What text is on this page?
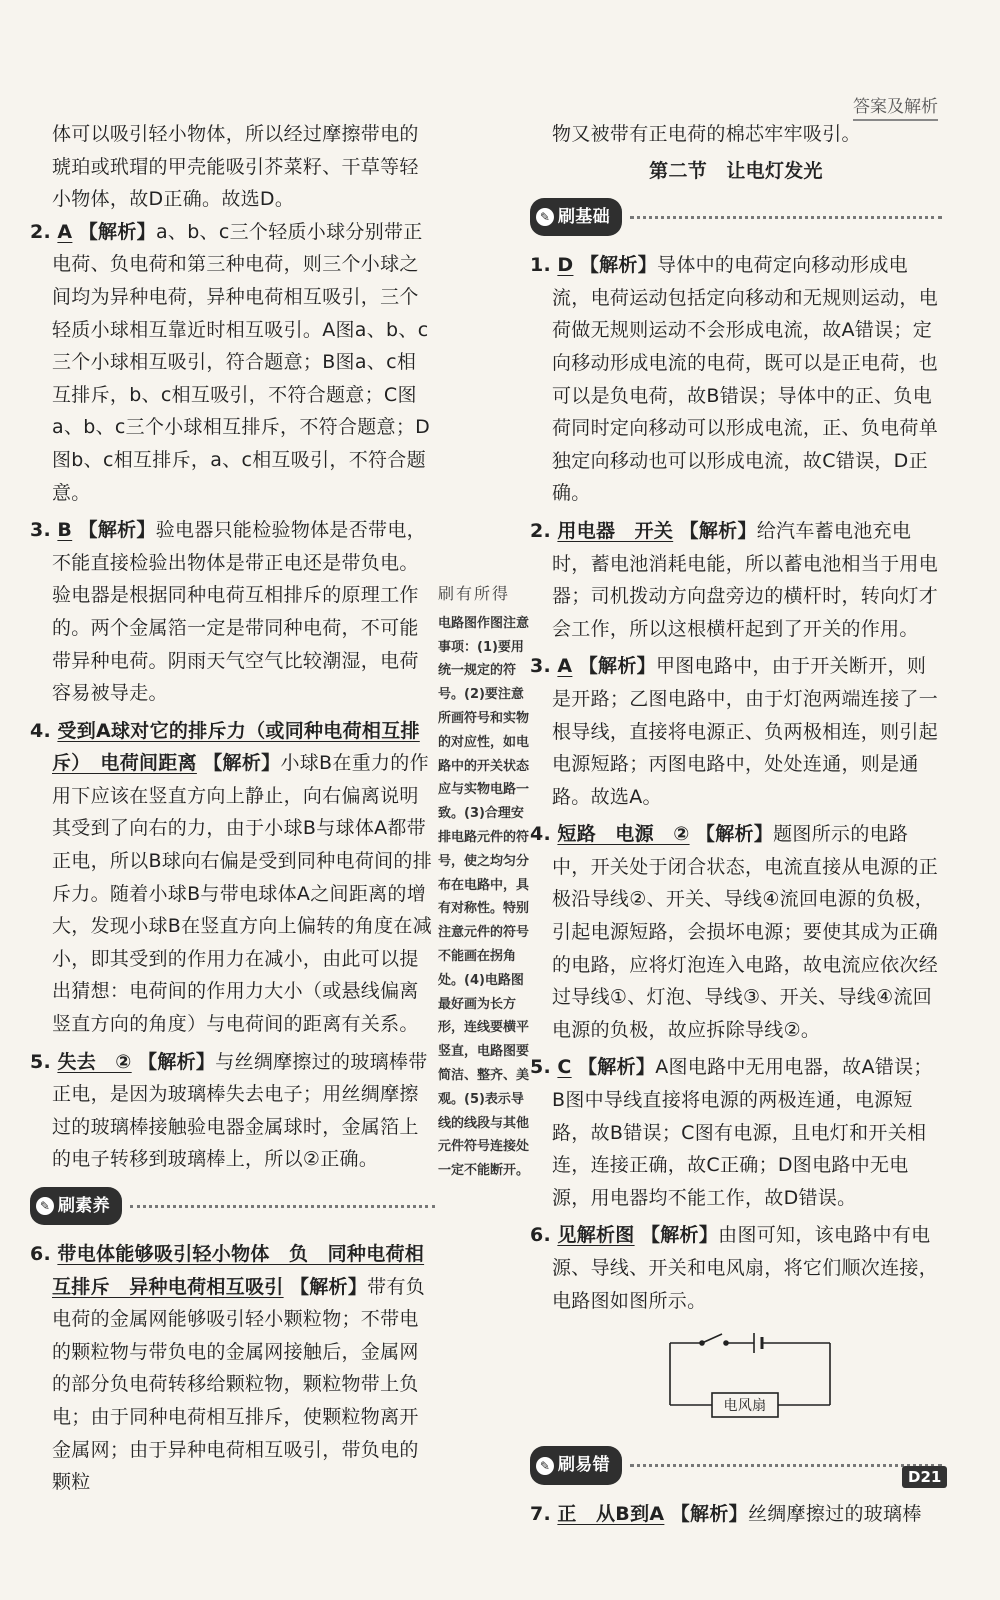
答案及解析

体可以吸引轻小物体，所以经过摩擦带电的琥珀或玳瑁的甲壳能吸引芥菜籽、干草等轻小物体，故D正确。故选D。

2. A 【解析】a、b、c三个轻质小球分别带正电荷、负电荷和第三种电荷，则三个小球之间均为异种电荷，异种电荷相互吸引，三个轻质小球相互靠近时相互吸引。A图a、b、c三个小球相互吸引，符合题意；B图a、c相互排斥，b、c相互吸引，不符合题意；C图a、b、c三个小球相互排斥，不符合题意；D图b、c相互排斥，a、c相互吸引，不符合题意。

3. B 【解析】验电器只能检验物体是否带电，不能直接检验出物体是带正电还是带负电。验电器是根据同种电荷互相排斥的原理工作的。两个金属箔一定是带同种电荷，不可能带异种电荷。阴雨天气空气比较潮湿，电荷容易被导走。

4. 受到A球对它的排斥力（或同种电荷相互排斥）　电荷间距离 【解析】小球B在重力的作用下应该在竖直方向上静止，向右偏离说明其受到了向右的力，由于小球B与球体A都带正电，所以B球向右偏是受到同种电荷间的排斥力。随着小球B与带电球体A之间距离的增大，发现小球B在竖直方向上偏转的角度在减小，即其受到的作用力在减小，由此可以提出猜想：电荷间的作用力大小（或悬线偏离竖直方向的角度）与电荷间的距离有关系。

5. 失去　② 【解析】与丝绸摩擦过的玻璃棒带正电，是因为玻璃棒失去电子；用丝绸摩擦过的玻璃棒接触验电器金属球时，金属箔上的电子转移到玻璃棒上，所以②正确。

✎ 刷素养

6. 带电体能够吸引轻小物体　负　同种电荷相互排斥　异种电荷相互吸引 【解析】带有负电荷的金属网能够吸引轻小颗粒物；不带电的颗粒物与带负电的金属网接触后，金属网的部分负电荷转移给颗粒物，颗粒物带上负电；由于同种电荷相互排斥，使颗粒物离开金属网；由于异种电荷相互吸引，带负电的颗粒

刷有所得
电路图作图注意事项：(1)要用统一规定的符号。(2)要注意所画符号和实物的对应性，如电路中的开关状态应与实物电路一致。(3)合理安排电路元件的符号，使之均匀分布在电路中，具有对称性。特别注意元件的符号不能画在拐角处。(4)电路图最好画为长方形，连线要横平竖直，电路图要简洁、整齐、美观。(5)表示导线的线段与其他元件符号连接处一定不能断开。

物又被带有正电荷的棉芯牢牢吸引。

第二节　让电灯发光
✎ 刷基础

1. D 【解析】导体中的电荷定向移动形成电流，电荷运动包括定向移动和无规则运动，电荷做无规则运动不会形成电流，故A错误；定向移动形成电流的电荷，既可以是正电荷，也可以是负电荷，故B错误；导体中的正、负电荷同时定向移动可以形成电流，正、负电荷单独定向移动也可以形成电流，故C错误，D正确。

2. 用电器　开关 【解析】给汽车蓄电池充电时，蓄电池消耗电能，所以蓄电池相当于用电器；司机拨动方向盘旁边的横杆时，转向灯才会工作，所以这根横杆起到了开关的作用。

3. A 【解析】甲图电路中，由于开关断开，则是开路；乙图电路中，由于灯泡两端连接了一根导线，直接将电源正、负两极相连，则引起电源短路；丙图电路中，处处连通，则是通路。故选A。

4. 短路　电源　② 【解析】题图所示的电路中，开关处于闭合状态，电流直接从电源的正极沿导线②、开关、导线④流回电源的负极，引起电源短路，会损坏电源；要使其成为正确的电路，应将灯泡连入电路，故电流应依次经过导线①、灯泡、导线③、开关、导线④流回电源的负极，故应拆除导线②。

5. C 【解析】A图电路中无用电器，故A错误；B图中导线直接将电源的两极连通，电源短路，故B错误；C图有电源，且电灯和开关相连，连接正确，故C正确；D图电路中无电源，用电器均不能工作，故D错误。

6. 见解析图 【解析】由图可知，该电路中有电源、导线、开关和电风扇，将它们顺次连接，电路图如图所示。

电风扇
✎ 刷易错

7. 正　从B到A 【解析】丝绸摩擦过的玻璃棒

D21
